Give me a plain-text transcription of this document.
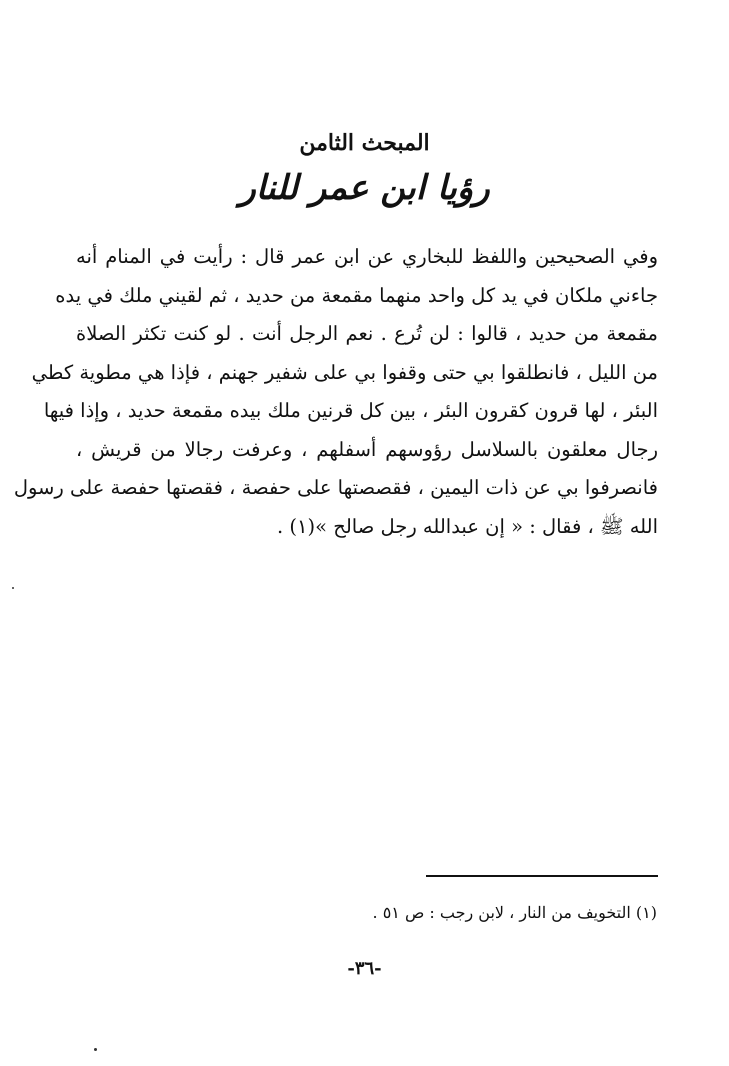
المبحث الثامن
رؤيا ابن عمر للنار
وفي الصحيحين واللفظ للبخاري عن ابن عمر قال : رأيت في المنام أنه
جاءني ملكان في يد كل واحد منهما مقمعة من حديد ، ثم لقيني ملك في يده
مقمعة من حديد ، قالوا : لن تُرع . نعم الرجل أنت . لو كنت تكثر الصلاة
من الليل ، فانطلقوا بي حتى وقفوا بي على شفير جهنم ، فإذا هي مطوية كطي
البئر ، لها قرون كقرون البئر ، بين كل قرنين ملك بيده مقمعة حديد ، وإذا فيها
رجال معلقون بالسلاسل رؤوسهم أسفلهم ، وعرفت رجالا من قريش ،
فانصرفوا بي عن ذات اليمين ، فقصصتها على حفصة ، فقصتها حفصة على رسول
الله ﷺ ، فقال : « إن عبدالله رجل صالح »(١) .
(١) التخويف من النار ، لابن رجب : ص ٥١ .
-٣٦-
